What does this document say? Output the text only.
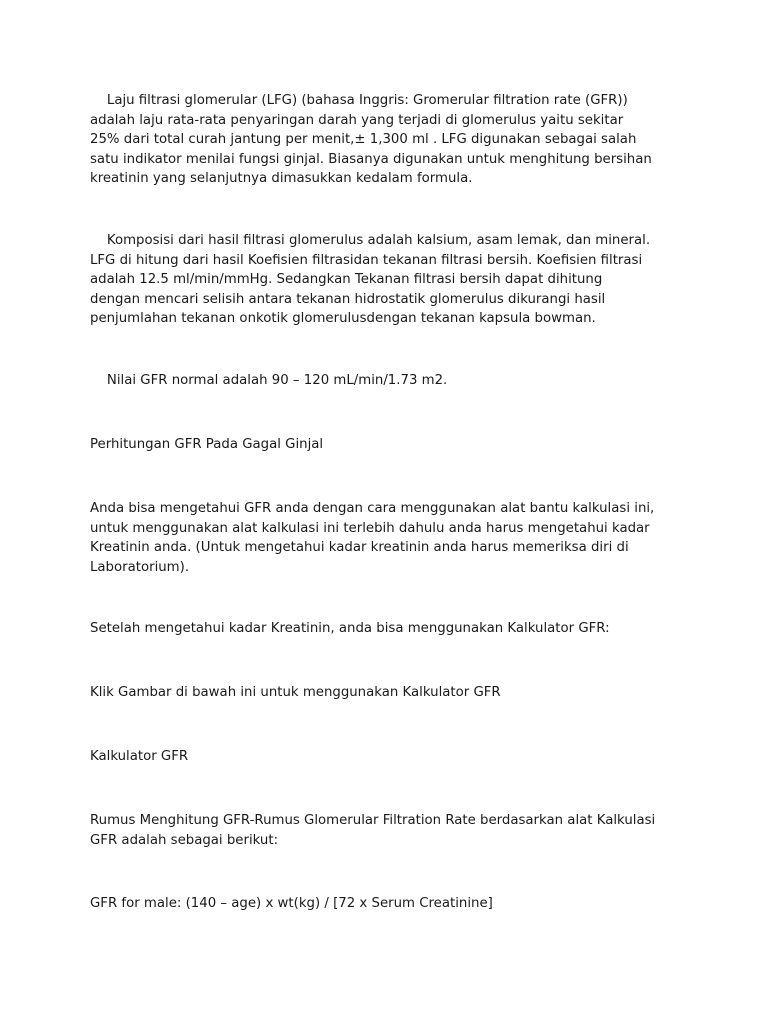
Laju filtrasi glomerular (LFG) (bahasa Inggris: Gromerular filtration rate (GFR))
adalah laju rata-rata penyaringan darah yang terjadi di glomerulus yaitu sekitar
25% dari total curah jantung per menit,± 1,300 ml . LFG digunakan sebagai salah
satu indikator menilai fungsi ginjal. Biasanya digunakan untuk menghitung bersihan
kreatinin yang selanjutnya dimasukkan kedalam formula.
Komposisi dari hasil filtrasi glomerulus adalah kalsium, asam lemak, dan mineral.
LFG di hitung dari hasil Koefisien filtrasidan tekanan filtrasi bersih. Koefisien filtrasi
adalah 12.5 ml/min/mmHg. Sedangkan Tekanan filtrasi bersih dapat dihitung
dengan mencari selisih antara tekanan hidrostatik glomerulus dikurangi hasil
penjumlahan tekanan onkotik glomerulusdengan tekanan kapsula bowman.
Nilai GFR normal adalah 90 – 120 mL/min/1.73 m2.
Perhitungan GFR Pada Gagal Ginjal
Anda bisa mengetahui GFR anda dengan cara menggunakan alat bantu kalkulasi ini,
untuk menggunakan alat kalkulasi ini terlebih dahulu anda harus mengetahui kadar
Kreatinin anda. (Untuk mengetahui kadar kreatinin anda harus memeriksa diri di
Laboratorium).
Setelah mengetahui kadar Kreatinin, anda bisa menggunakan Kalkulator GFR:
Klik Gambar di bawah ini untuk menggunakan Kalkulator GFR
Kalkulator GFR
Rumus Menghitung GFR-Rumus Glomerular Filtration Rate berdasarkan alat Kalkulasi
GFR adalah sebagai berikut:
GFR for male: (140 – age) x wt(kg) / [72 x Serum Creatinine]
